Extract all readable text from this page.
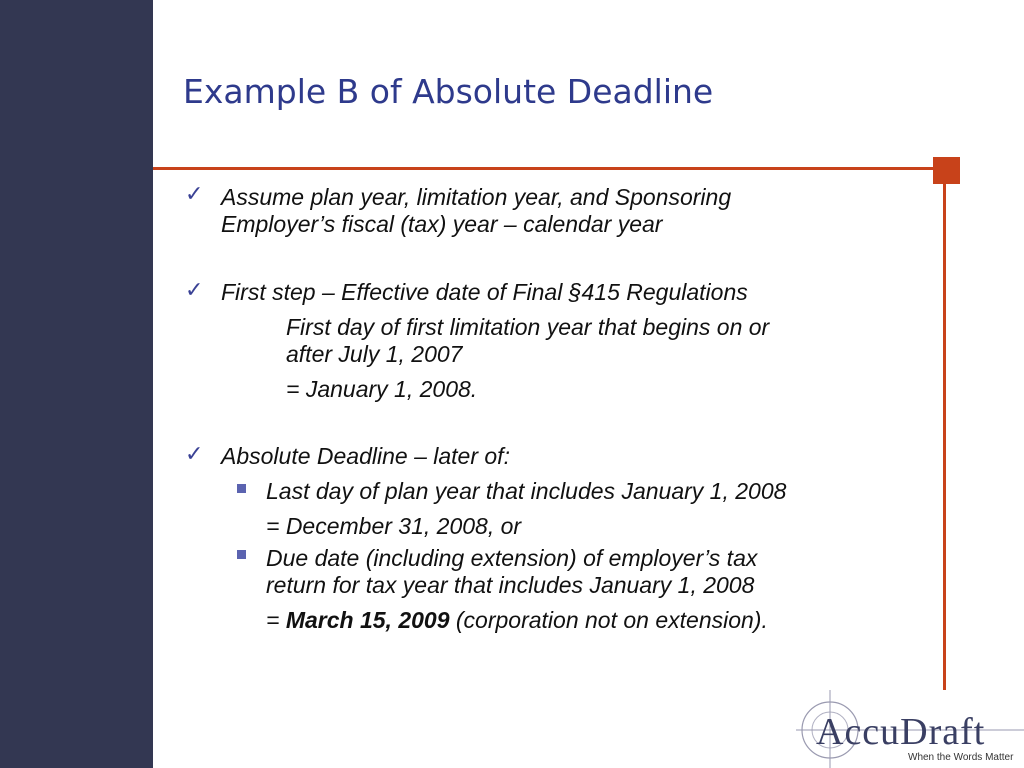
Example B of Absolute Deadline
✓ Assume plan year, limitation year, and Sponsoring
Employer’s fiscal (tax) year – calendar year
✓ First step – Effective date of Final §415 Regulations
First day of first limitation year that begins on or
after July 1, 2007
= January 1, 2008.
✓ Absolute Deadline – later of:
Last day of plan year that includes January 1, 2008
= December 31, 2008, or
Due date (including extension) of employer’s tax
return for tax year that includes January 1, 2008
= March 15, 2009 (corporation not on extension).
AccuDraft
When the Words Matter
